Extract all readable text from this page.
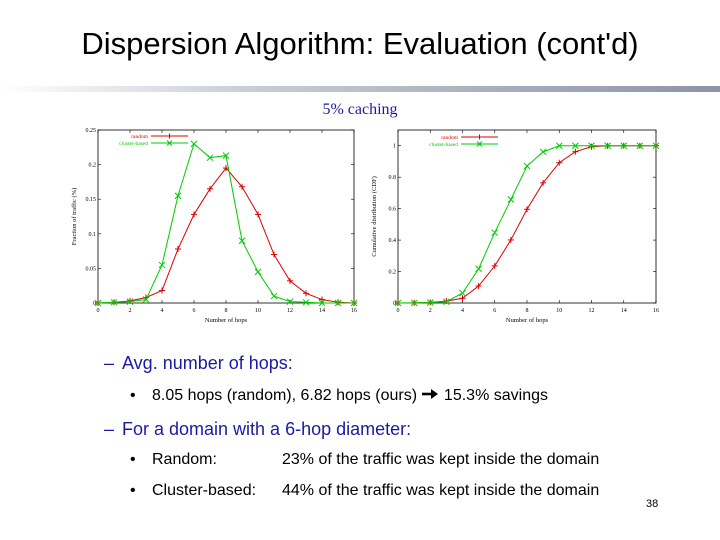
Dispersion Algorithm: Evaluation (cont'd)
5% caching
0	2	4	6	8	10	12	14	16
0
0.05
0.1
0.15
0.2
0.25
Number of hops
Fraction of traffic (%)
random
cluster-based
0	2	4	6	8	10	12	14	16
0
0.2
0.4
0.6
0.8
1
Number of hops
Cumulative distribution (CDF)
random
cluster-based
– Avg. number of hops:
• 8.05 hops (random), 6.82 hops (ours)  15.3% savings
– For a domain with a 6-hop diameter:
• Random:	23% of the traffic was kept inside the domain
• Cluster-based: 44% of the traffic was kept inside the domain
38
